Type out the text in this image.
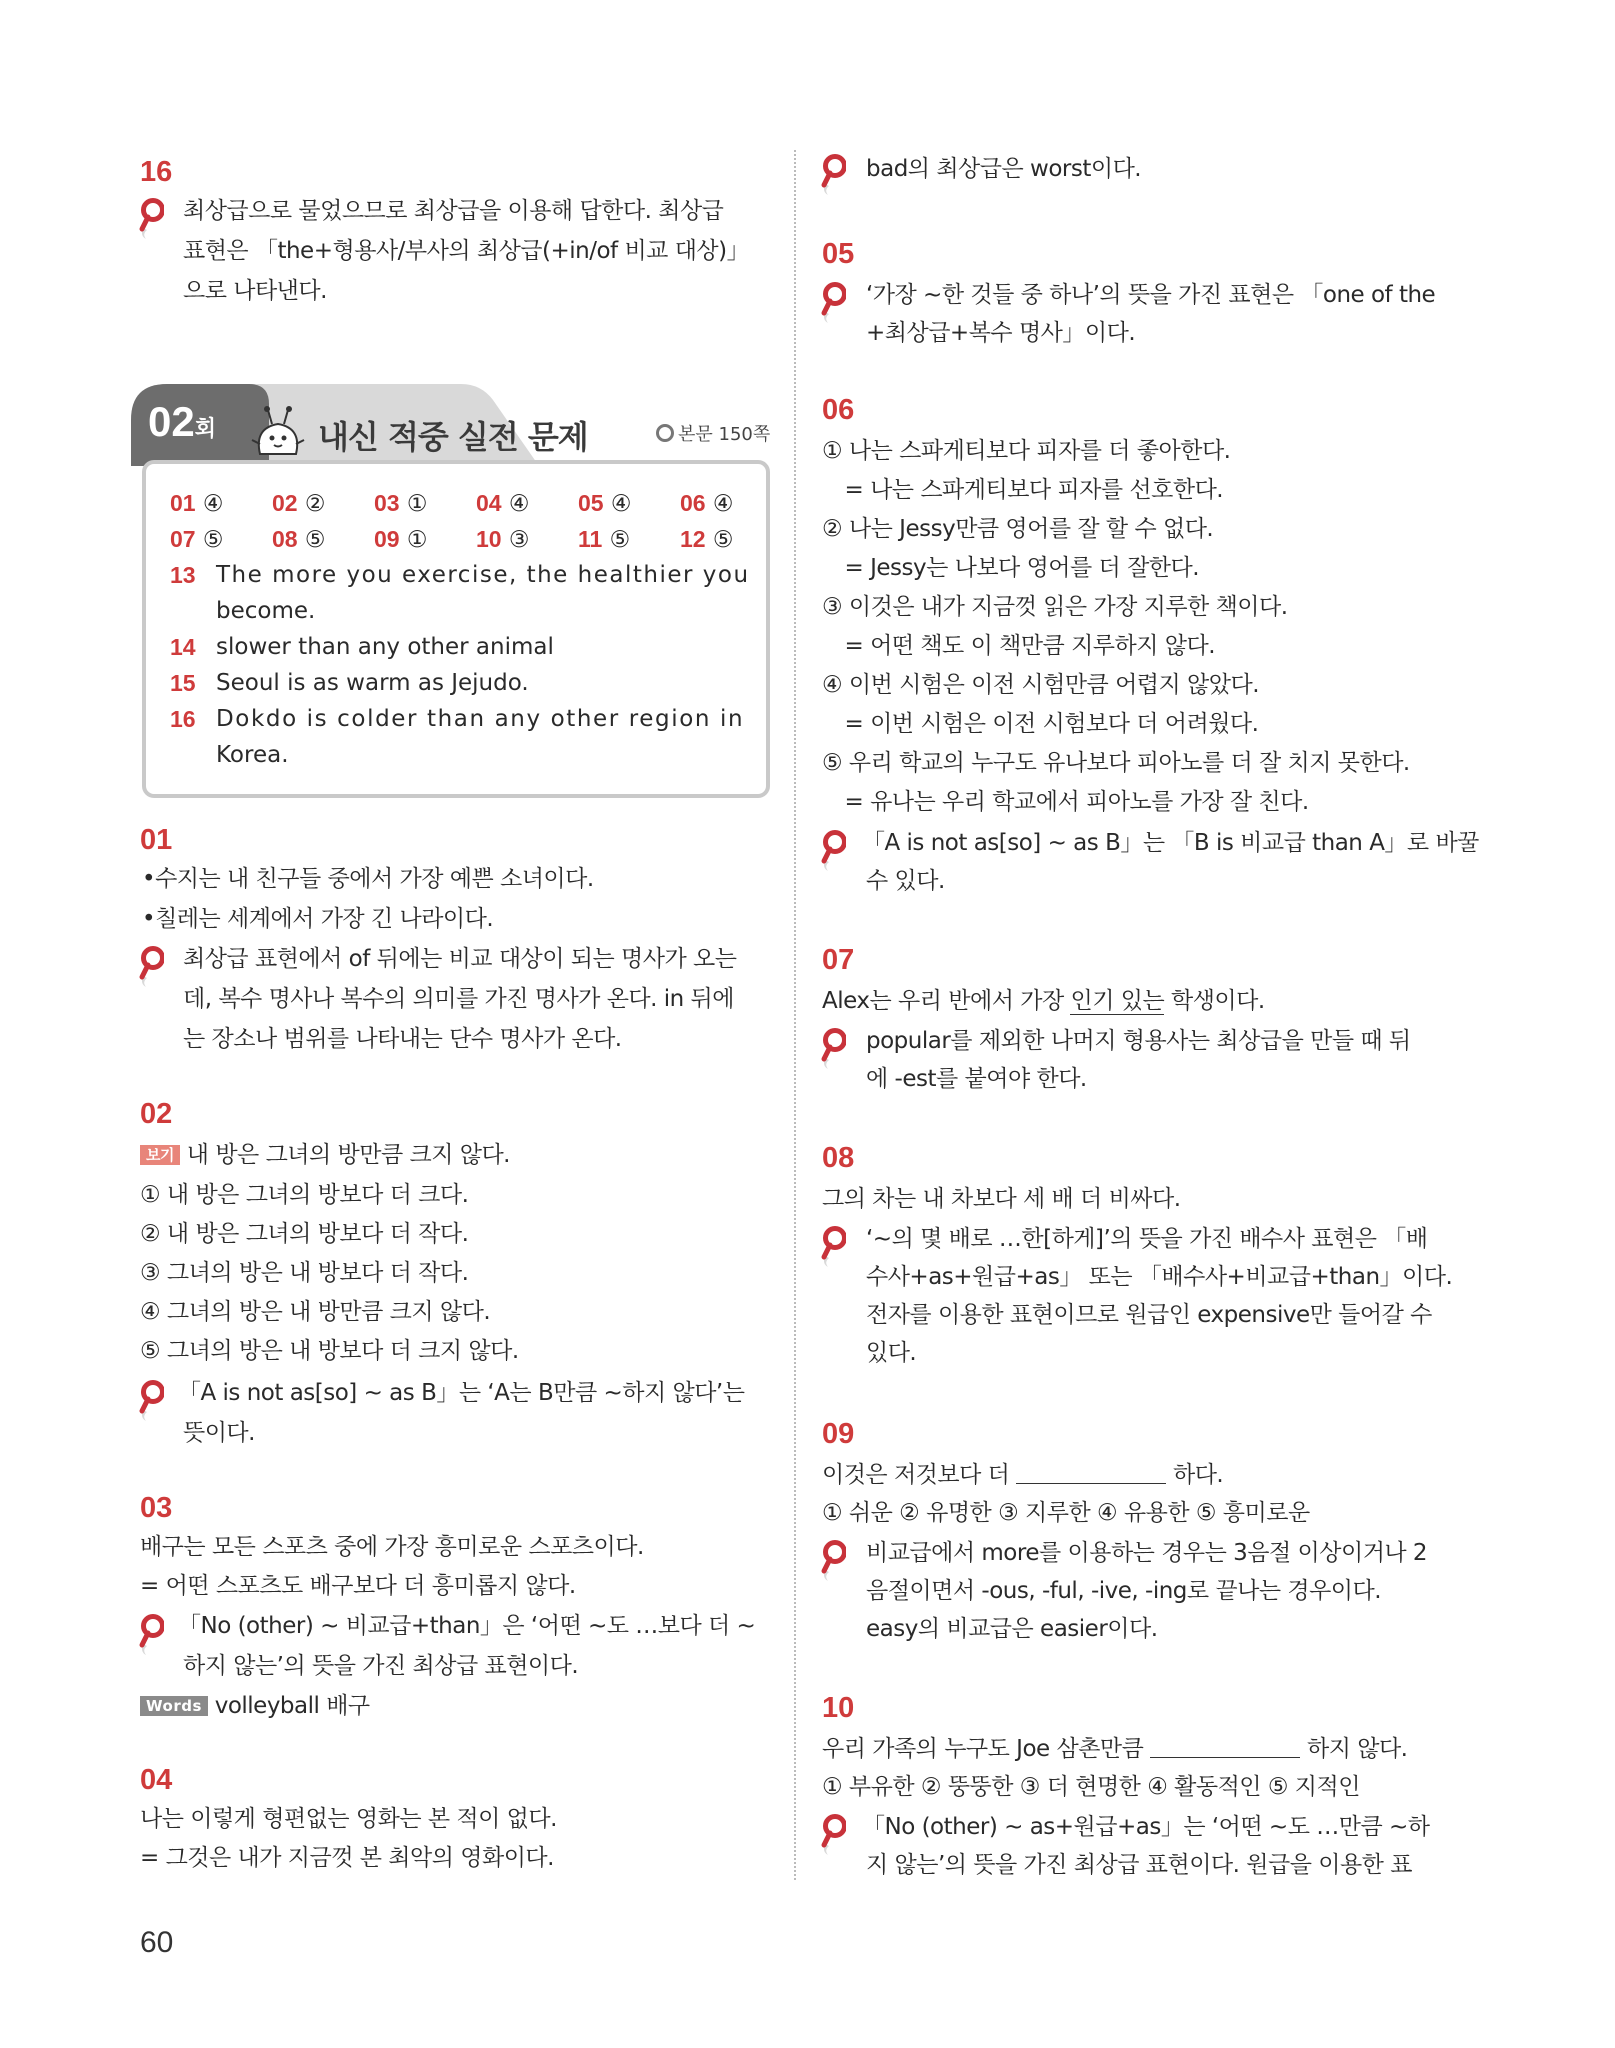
16
최상급으로 물었으므로 최상급을 이용해 답한다. 최상급
표현은 「the+형용사/부사의 최상급(+in/of 비교 대상)」
으로 나타낸다.
02회	내신 적중 실전 문제	본문 150쪽
01 ④ 02 ② 03 ① 04 ④ 05 ④ 06 ④
07 ⑤ 08 ⑤ 09 ① 10 ③ 11 ⑤ 12 ⑤
13 The more you exercise, the healthier you
become.
14 slower than any other animal
15 Seoul is as warm as Jejudo.
16 Dokdo is colder than any other region in
Korea.
01
•수지는 내 친구들 중에서 가장 예쁜 소녀이다.
•칠레는 세계에서 가장 긴 나라이다.
최상급 표현에서 of 뒤에는 비교 대상이 되는 명사가 오는
데, 복수 명사나 복수의 의미를 가진 명사가 온다. in 뒤에
는 장소나 범위를 나타내는 단수 명사가 온다.
02
보기 내 방은 그녀의 방만큼 크지 않다.
① 내 방은 그녀의 방보다 더 크다.
② 내 방은 그녀의 방보다 더 작다.
③ 그녀의 방은 내 방보다 더 작다.
④ 그녀의 방은 내 방만큼 크지 않다.
⑤ 그녀의 방은 내 방보다 더 크지 않다.
「A is not as[so] ~ as B」는 ‘A는 B만큼 ~하지 않다’는
뜻이다.
03
배구는 모든 스포츠 중에 가장 흥미로운 스포츠이다.
= 어떤 스포츠도 배구보다 더 흥미롭지 않다.
「No (other) ~ 비교급+than」은 ‘어떤 ~도 …보다 더 ~
하지 않는’의 뜻을 가진 최상급 표현이다.
Words volleyball 배구
04
나는 이렇게 형편없는 영화는 본 적이 없다.
= 그것은 내가 지금껏 본 최악의 영화이다.
60
bad의 최상급은 worst이다.
05
‘가장 ~한 것들 중 하나’의 뜻을 가진 표현은 「one of the
+최상급+복수 명사」이다.
06
① 나는 스파게티보다 피자를 더 좋아한다.
　= 나는 스파게티보다 피자를 선호한다.
② 나는 Jessy만큼 영어를 잘 할 수 없다.
　= Jessy는 나보다 영어를 더 잘한다.
③ 이것은 내가 지금껏 읽은 가장 지루한 책이다.
　= 어떤 책도 이 책만큼 지루하지 않다.
④ 이번 시험은 이전 시험만큼 어렵지 않았다.
　= 이번 시험은 이전 시험보다 더 어려웠다.
⑤ 우리 학교의 누구도 유나보다 피아노를 더 잘 치지 못한다.
　= 유나는 우리 학교에서 피아노를 가장 잘 친다.
「A is not as[so] ~ as B」는 「B is 비교급 than A」로 바꿀
수 있다.
07
Alex는 우리 반에서 가장 인기 있는 학생이다.
popular를 제외한 나머지 형용사는 최상급을 만들 때 뒤
에 -est를 붙여야 한다.
08
그의 차는 내 차보다 세 배 더 비싸다.
‘~의 몇 배로 …한[하게]’의 뜻을 가진 배수사 표현은 「배
수사+as+원급+as」 또는 「배수사+비교급+than」이다.
전자를 이용한 표현이므로 원급인 expensive만 들어갈 수
있다.
09
이것은 저것보다 더	하다.
① 쉬운 ② 유명한 ③ 지루한 ④ 유용한 ⑤ 흥미로운
비교급에서 more를 이용하는 경우는 3음절 이상이거나 2
음절이면서 -ous, -ful, -ive, -ing로 끝나는 경우이다.
easy의 비교급은 easier이다.
10
우리 가족의 누구도 Joe 삼촌만큼	하지 않다.
① 부유한 ② 뚱뚱한 ③ 더 현명한 ④ 활동적인 ⑤ 지적인
「No (other) ~ as+원급+as」는 ‘어떤 ~도 …만큼 ~하
지 않는’의 뜻을 가진 최상급 표현이다. 원급을 이용한 표
